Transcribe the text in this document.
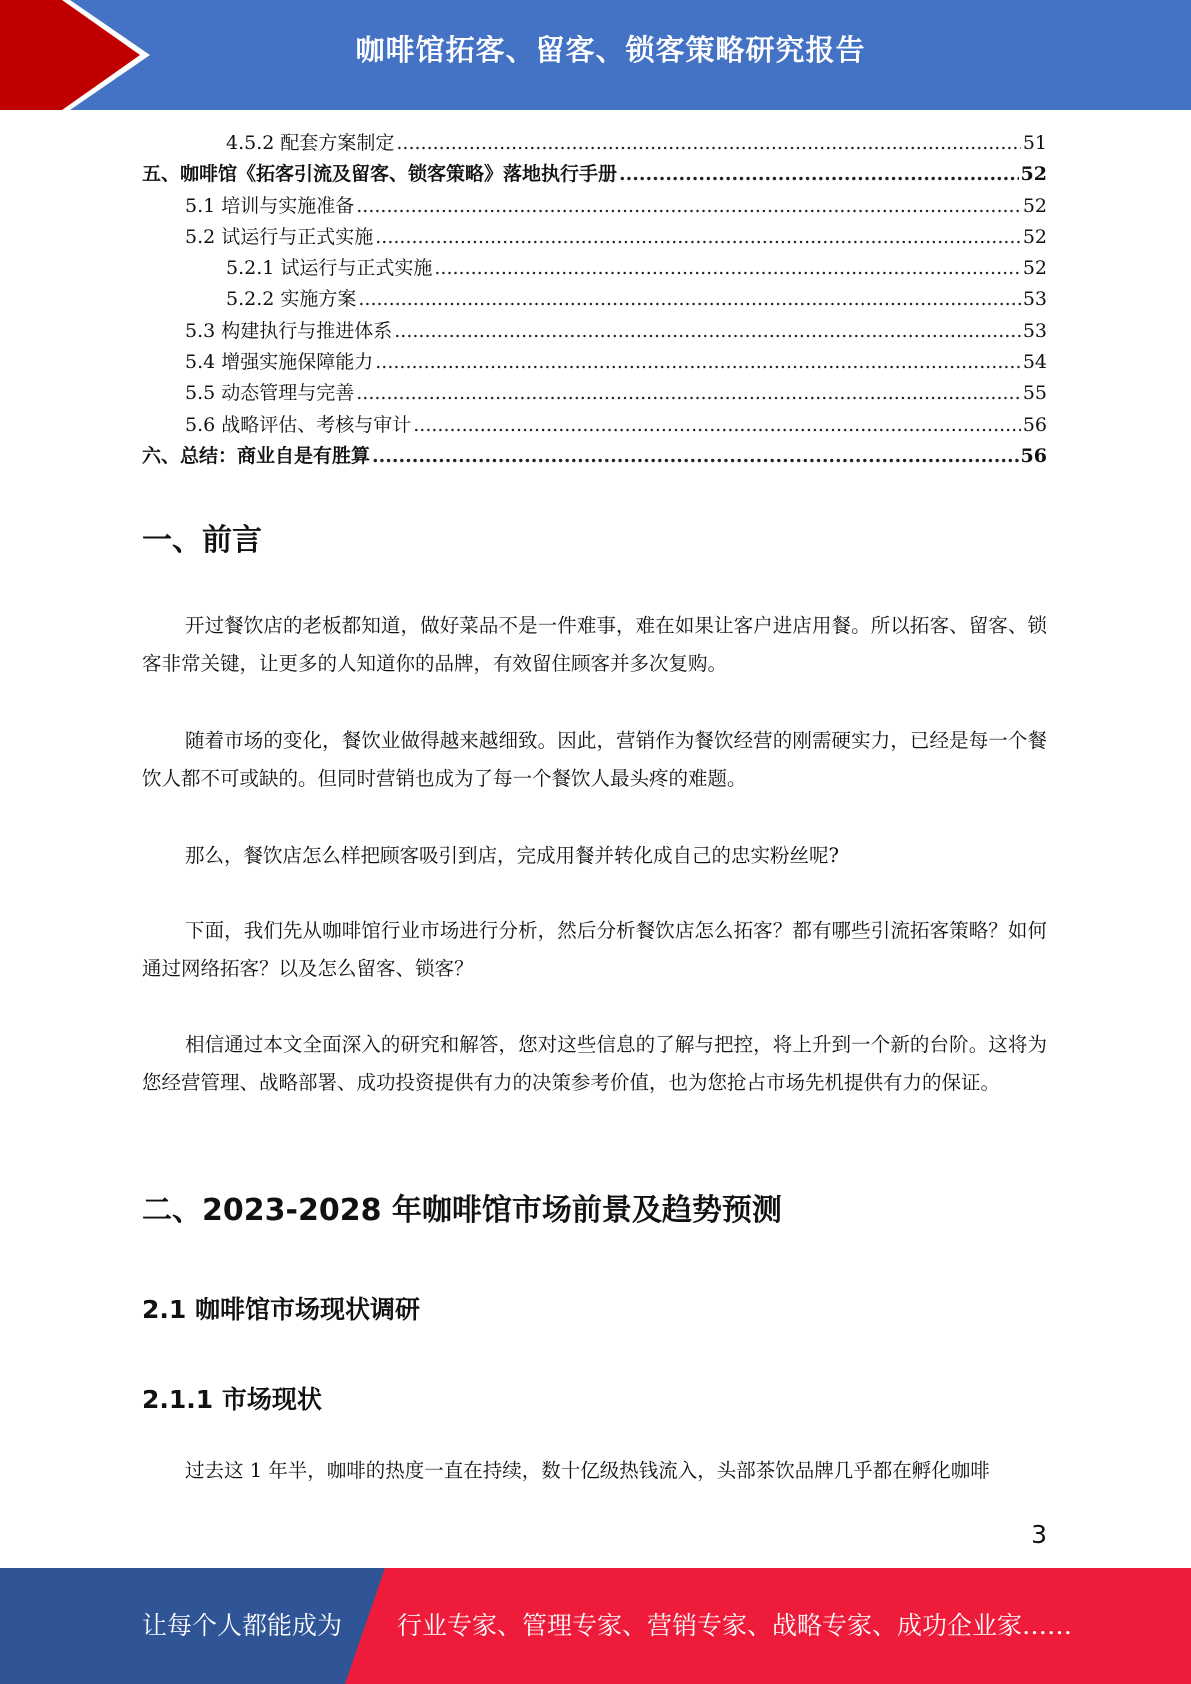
咖啡馆拓客、留客、锁客策略研究报告
4.5.2 配套方案制定 .....	51
五、咖啡馆《拓客引流及留客、锁客策略》落地执行手册 .....	52
5.1 培训与实施准备 .....	52
5.2 试运行与正式实施 .....	52
5.2.1 试运行与正式实施 .....	52
5.2.2 实施方案 .....	53
5.3 构建执行与推进体系 .....	53
5.4 增强实施保障能力 .....	54
5.5 动态管理与完善 .....	55
5.6 战略评估、考核与审计 .....	56
六、总结：商业自是有胜算 .....	56
一、前言

开过餐饮店的老板都知道，做好菜品不是一件难事，难在如果让客户进店用餐。所以拓客、留客、锁客非常关键，让更多的人知道你的品牌，有效留住顾客并多次复购。

随着市场的变化，餐饮业做得越来越细致。因此，营销作为餐饮经营的刚需硬实力，已经是每一个餐饮人都不可或缺的。但同时营销也成为了每一个餐饮人最头疼的难题。

那么，餐饮店怎么样把顾客吸引到店，完成用餐并转化成自己的忠实粉丝呢?

下面，我们先从咖啡馆行业市场进行分析，然后分析餐饮店怎么拓客？都有哪些引流拓客策略？如何通过网络拓客？以及怎么留客、锁客？

相信通过本文全面深入的研究和解答，您对这些信息的了解与把控，将上升到一个新的台阶。这将为您经营管理、战略部署、成功投资提供有力的决策参考价值，也为您抢占市场先机提供有力的保证。

二、2023-2028 年咖啡馆市场前景及趋势预测
2.1 咖啡馆市场现状调研
2.1.1 市场现状

过去这 1 年半，咖啡的热度一直在持续，数十亿级热钱流入，头部茶饮品牌几乎都在孵化咖啡

3
让每个人都能成为 行业专家、管理专家、营销专家、战略专家、成功企业家……
